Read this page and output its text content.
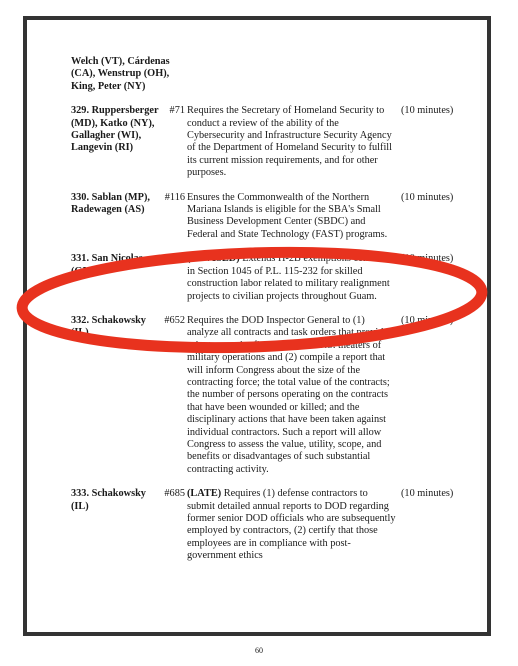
Welch (VT), Cárdenas (CA), Wenstrup (OH), King, Peter (NY)
329. Ruppersberger (MD), Katko (NY), Gallagher (WI), Langevin (RI)
#71 Requires the Secretary of Homeland Security to conduct a review of the ability of the Cybersecurity and Infrastructure Security Agency of the Department of Homeland Security to fulfill its current mission requirements, and for other purposes.
(10 minutes)
330. Sablan (MP), Radewagen (AS)
#116 Ensures the Commonwealth of the Northern Mariana Islands is eligible for the SBA's Small Business Development Center (SBDC) and Federal and State Technology (FAST) programs.
(10 minutes)
331. San Nicolas (GU)
#515 (REVISED) Extends H-2B exemptions contained in Section 1045 of P.L. 115-232 for skilled construction labor related to military realignment projects to civilian projects throughout Guam.
(10 minutes)
332. Schakowsky (IL)
#652 Requires the DOD Inspector General to (1) analyze all contracts and task orders that provide private security firms access to U.S. theaters of military operations and (2) compile a report that will inform Congress about the size of the contracting force; the total value of the contracts; the number of persons operating on the contracts that have been wounded or killed; and the disciplinary actions that have been taken against individual contractors. Such a report will allow Congress to assess the value, utility, scope, and benefits or disadvantages of such substantial contracting activity.
(10 minutes)
333. Schakowsky (IL)
#685 (LATE) Requires (1) defense contractors to submit detailed annual reports to DOD regarding former senior DOD officials who are subsequently employed by contractors, (2) certify that those employees are in compliance with post-government ethics
(10 minutes)
60
